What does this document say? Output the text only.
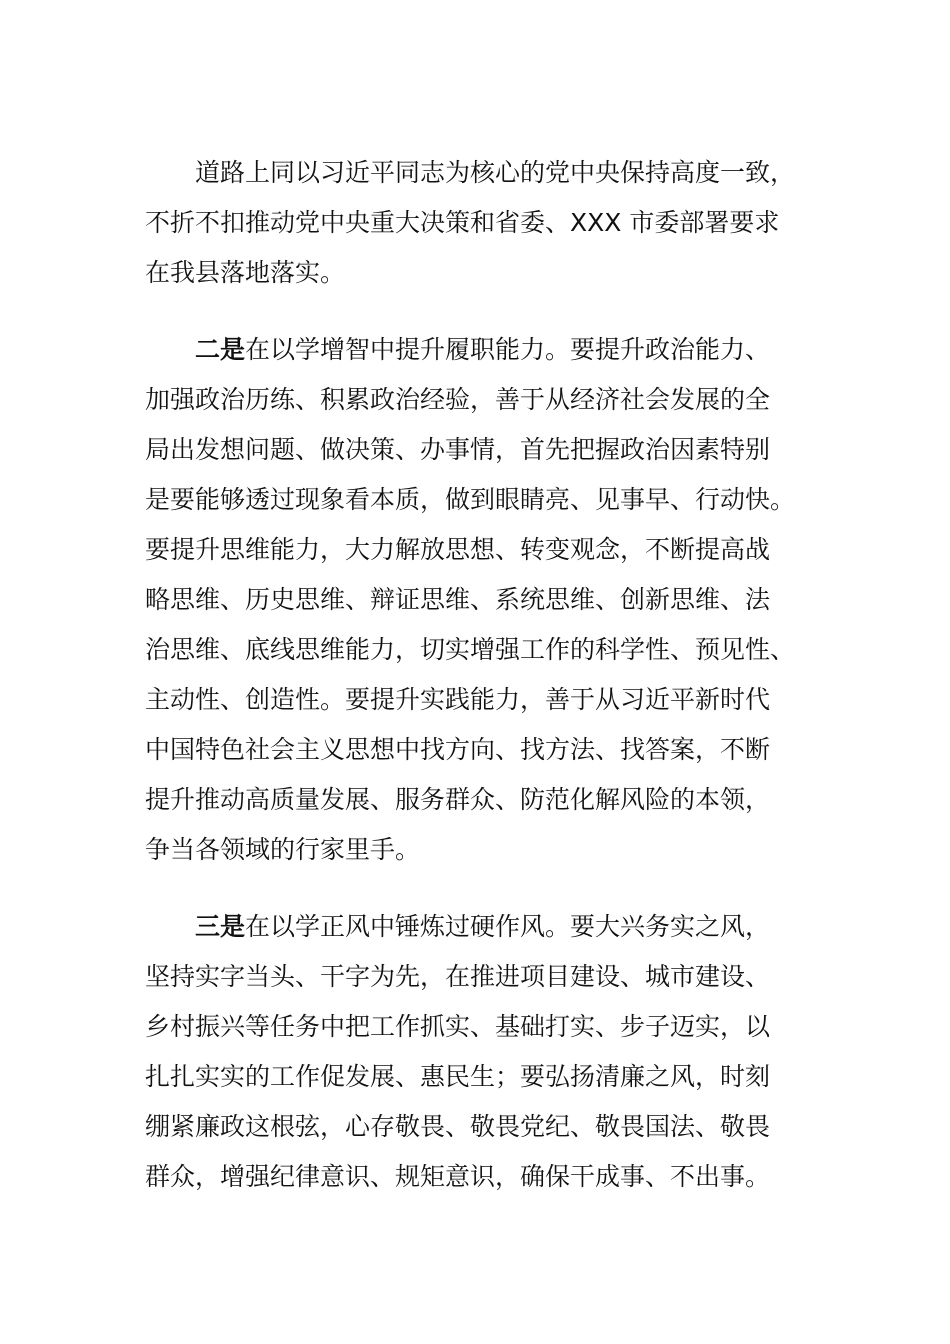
道路上同以习近平同志为核心的党中央保持高度一致，
不折不扣推动党中央重大决策和省委、XXX 市委部署要求
在我县落地落实。

二是在以学增智中提升履职能力。要提升政治能力、
加强政治历练、积累政治经验，善于从经济社会发展的全
局出发想问题、做决策、办事情，首先把握政治因素特别
是要能够透过现象看本质，做到眼睛亮、见事早、行动快。
要提升思维能力，大力解放思想、转变观念，不断提高战
略思维、历史思维、辩证思维、系统思维、创新思维、法
治思维、底线思维能力，切实增强工作的科学性、预见性、
主动性、创造性。要提升实践能力，善于从习近平新时代
中国特色社会主义思想中找方向、找方法、找答案，不断
提升推动高质量发展、服务群众、防范化解风险的本领，
争当各领域的行家里手。

三是在以学正风中锤炼过硬作风。要大兴务实之风，
坚持实字当头、干字为先，在推进项目建设、城市建设、
乡村振兴等任务中把工作抓实、基础打实、步子迈实，以
扎扎实实的工作促发展、惠民生；要弘扬清廉之风，时刻
绷紧廉政这根弦，心存敬畏、敬畏党纪、敬畏国法、敬畏
群众，增强纪律意识、规矩意识，确保干成事、不出事。
